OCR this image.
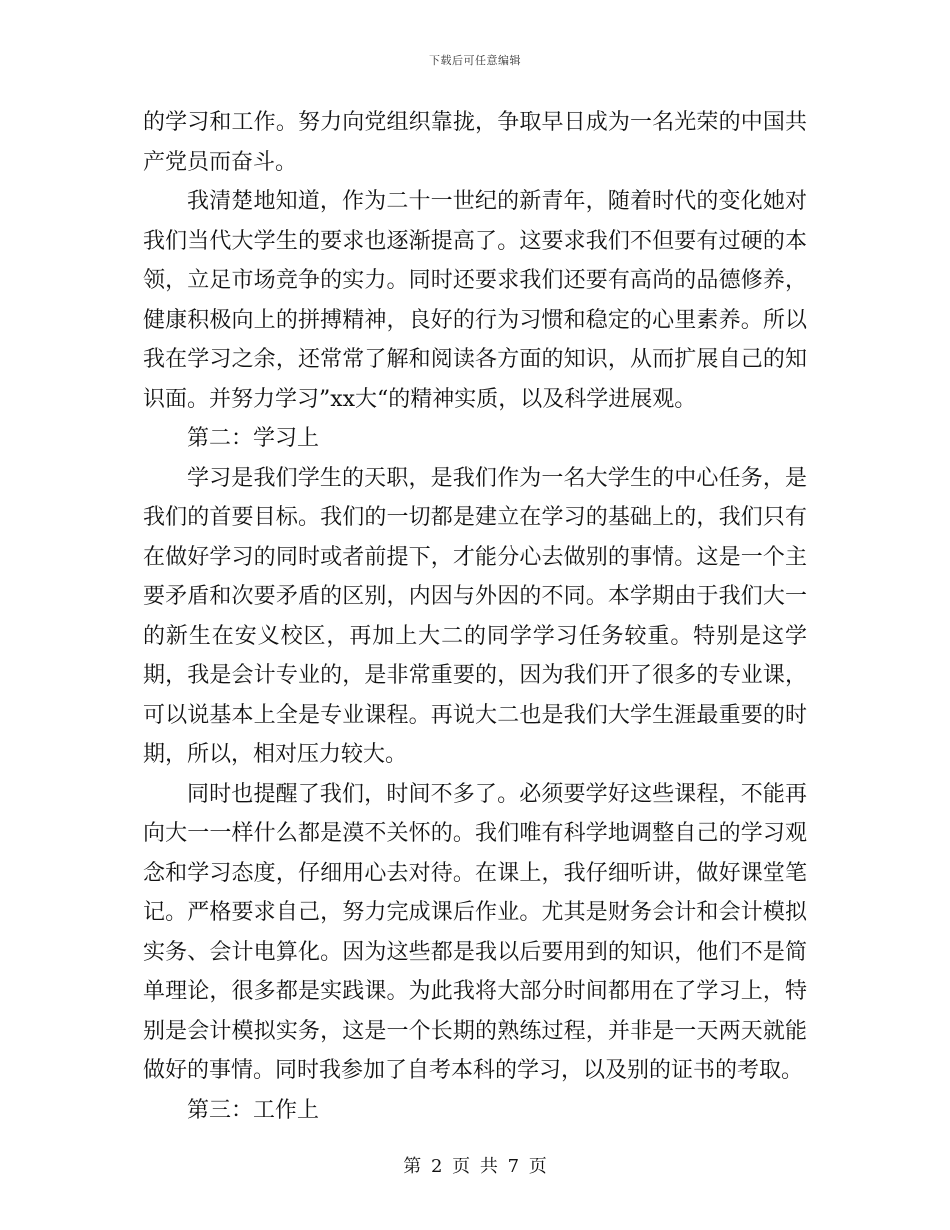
下载后可任意编辑

的学习和工作。努力向党组织靠拢，争取早日成为一名光荣的中国共产党员而奋斗。

我清楚地知道，作为二十一世纪的新青年，随着时代的变化她对我们当代大学生的要求也逐渐提高了。这要求我们不但要有过硬的本领，立足市场竞争的实力。同时还要求我们还要有高尚的品德修养，健康积极向上的拼搏精神，良好的行为习惯和稳定的心里素养。所以我在学习之余，还常常了解和阅读各方面的知识，从而扩展自己的知识面。并努力学习”xx大“的精神实质，以及科学进展观。

第二：学习上

学习是我们学生的天职，是我们作为一名大学生的中心任务，是我们的首要目标。我们的一切都是建立在学习的基础上的，我们只有在做好学习的同时或者前提下，才能分心去做别的事情。这是一个主要矛盾和次要矛盾的区别，内因与外因的不同。本学期由于我们大一的新生在安义校区，再加上大二的同学学习任务较重。特别是这学期，我是会计专业的，是非常重要的，因为我们开了很多的专业课，可以说基本上全是专业课程。再说大二也是我们大学生涯最重要的时期，所以，相对压力较大。

同时也提醒了我们，时间不多了。必须要学好这些课程，不能再向大一一样什么都是漠不关怀的。我们唯有科学地调整自己的学习观念和学习态度，仔细用心去对待。在课上，我仔细听讲，做好课堂笔记。严格要求自己，努力完成课后作业。尤其是财务会计和会计模拟实务、会计电算化。因为这些都是我以后要用到的知识，他们不是简单理论，很多都是实践课。为此我将大部分时间都用在了学习上，特别是会计模拟实务，这是一个长期的熟练过程，并非是一天两天就能做好的事情。同时我参加了自考本科的学习，以及别的证书的考取。

第三：工作上

第 2 页 共 7 页
